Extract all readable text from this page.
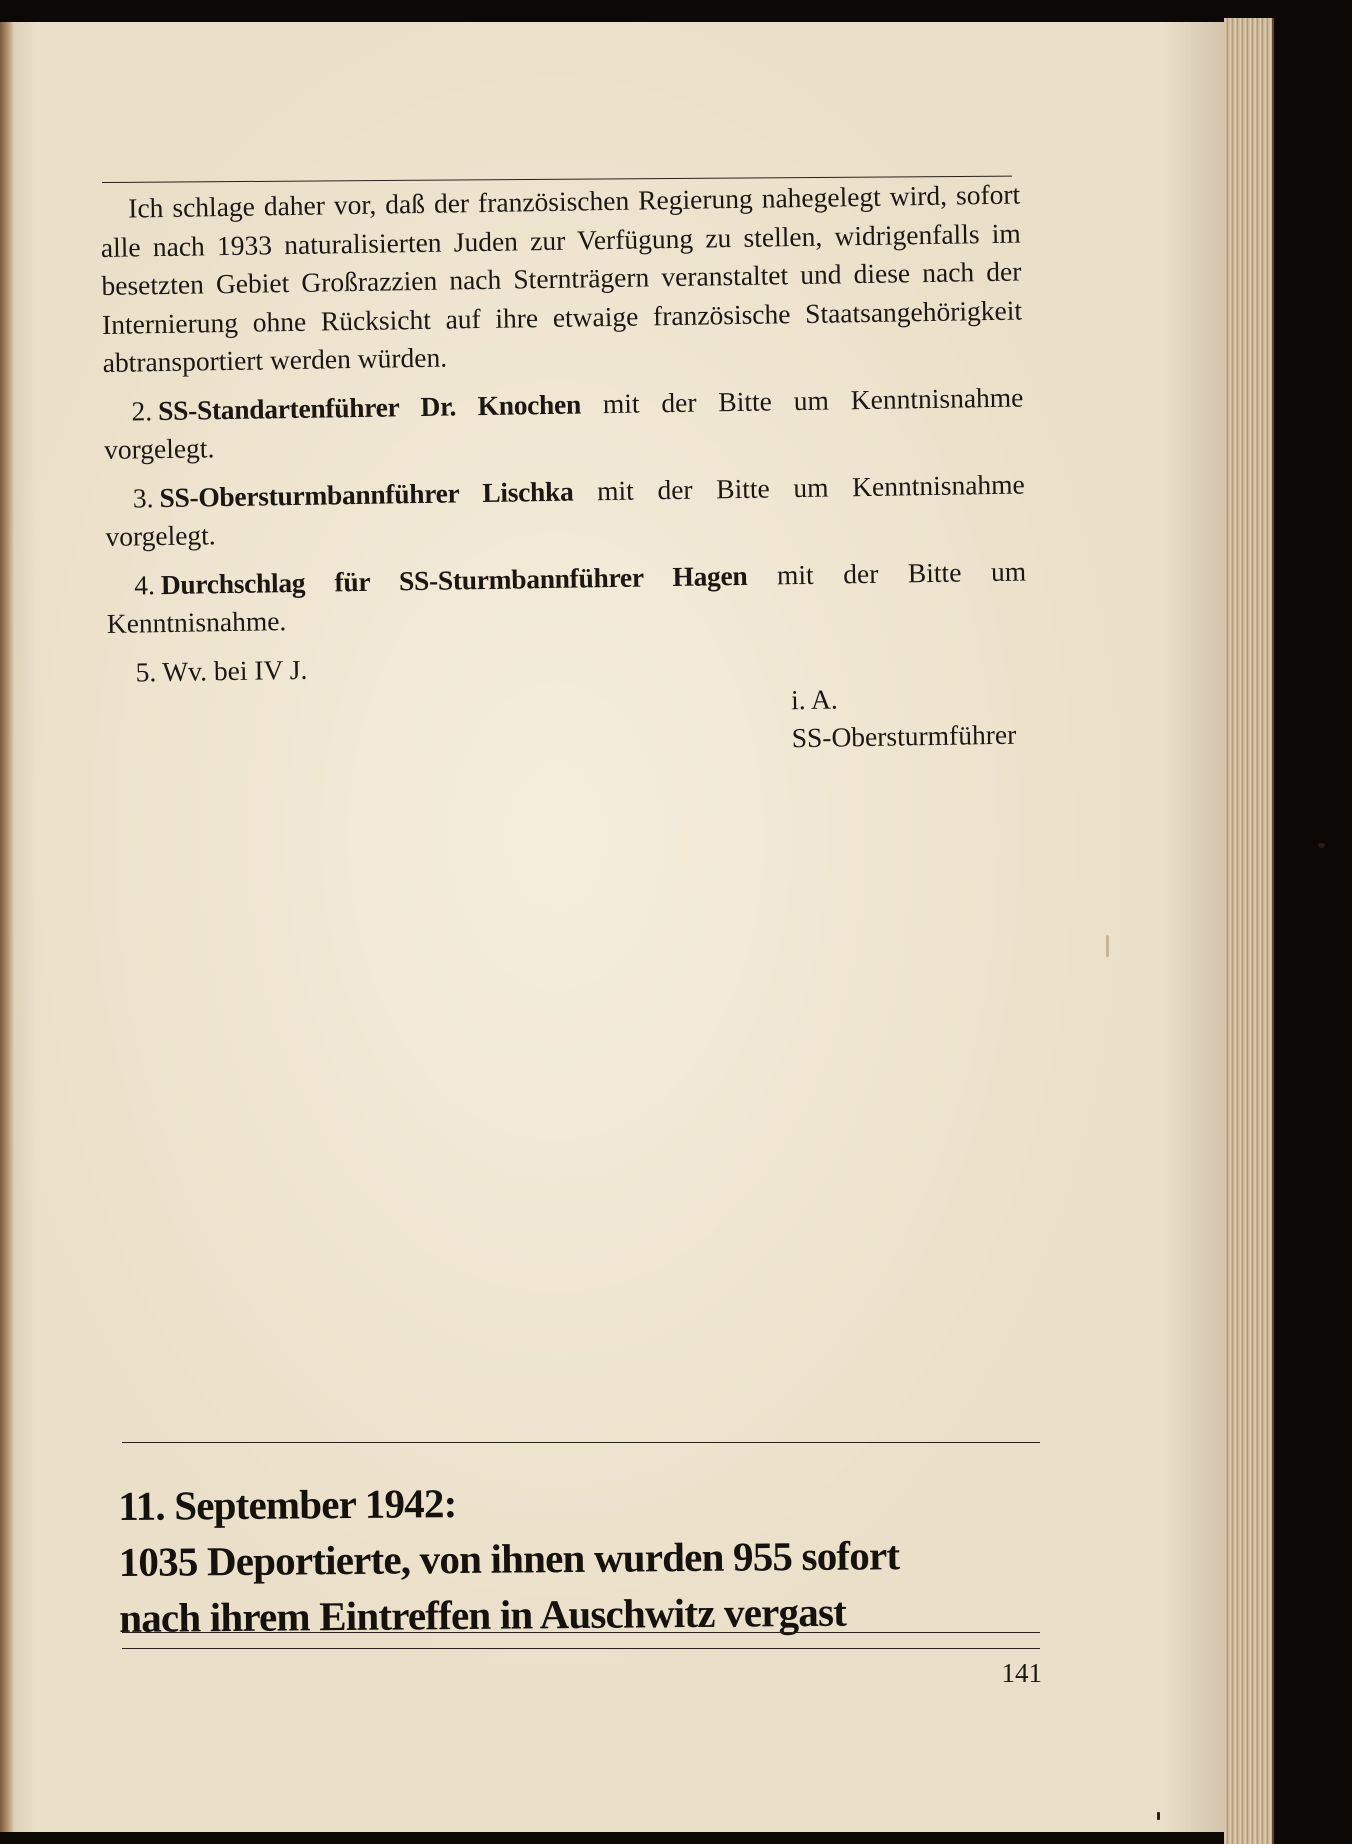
Ich schlage daher vor, daß der französischen Regierung nahegelegt wird, sofort alle nach 1933 naturalisierten Juden zur Verfügung zu stellen, widrigenfalls im besetzten Gebiet Großrazzien nach Sternträgern veranstaltet und diese nach der Internierung ohne Rücksicht auf ihre etwaige französische Staatsangehörigkeit abtransportiert werden würden.

2. SS-Standartenführer Dr. Knochen mit der Bitte um Kenntnisnahme vorgelegt.

3. SS-Obersturmbannführer Lischka mit der Bitte um Kenntnisnahme vorgelegt.

4. Durchschlag für SS-Sturmbannführer Hagen mit der Bitte um Kenntnisnahme.

5. Wv. bei IV J.

i. A.
SS-Obersturmführer
11. September 1942:
1035 Deportierte, von ihnen wurden 955 sofort
nach ihrem Eintreffen in Auschwitz vergast
141
